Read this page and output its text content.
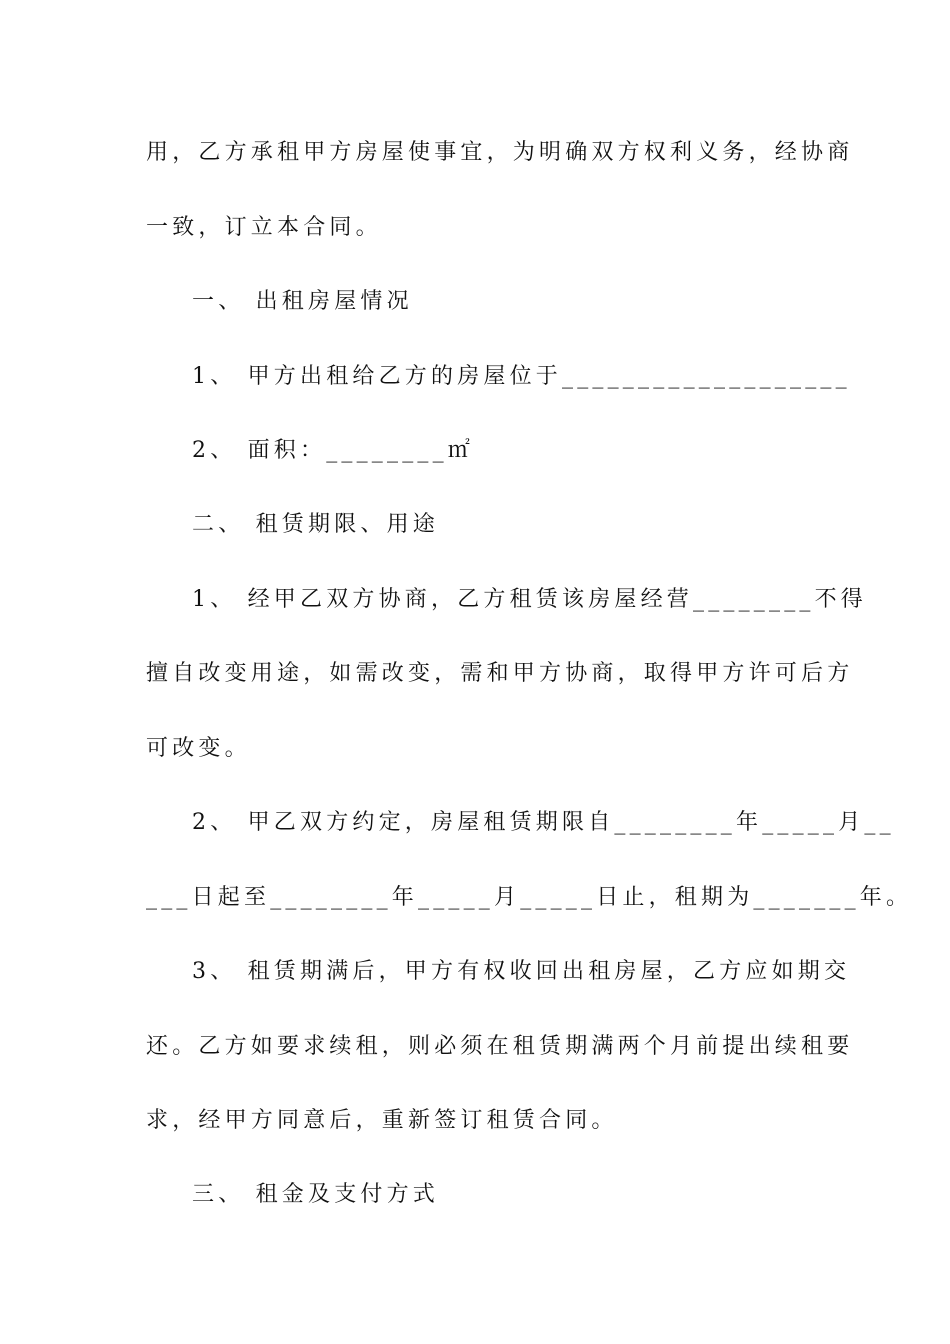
用，乙方承租甲方房屋使事宜，为明确双方权利义务，经协商
一致，订立本合同。
一、 出租房屋情况
1、 甲方出租给乙方的房屋位于___________________
2、 面积：________㎡
二、 租赁期限、用途
1、 经甲乙双方协商，乙方租赁该房屋经营________不得
擅自改变用途，如需改变，需和甲方协商，取得甲方许可后方
可改变。
2、 甲乙双方约定，房屋租赁期限自________年_____月__
___日起至________年_____月_____日止，租期为_______年。
3、 租赁期满后，甲方有权收回出租房屋，乙方应如期交
还。乙方如要求续租，则必须在租赁期满两个月前提出续租要
求，经甲方同意后，重新签订租赁合同。
三、 租金及支付方式
